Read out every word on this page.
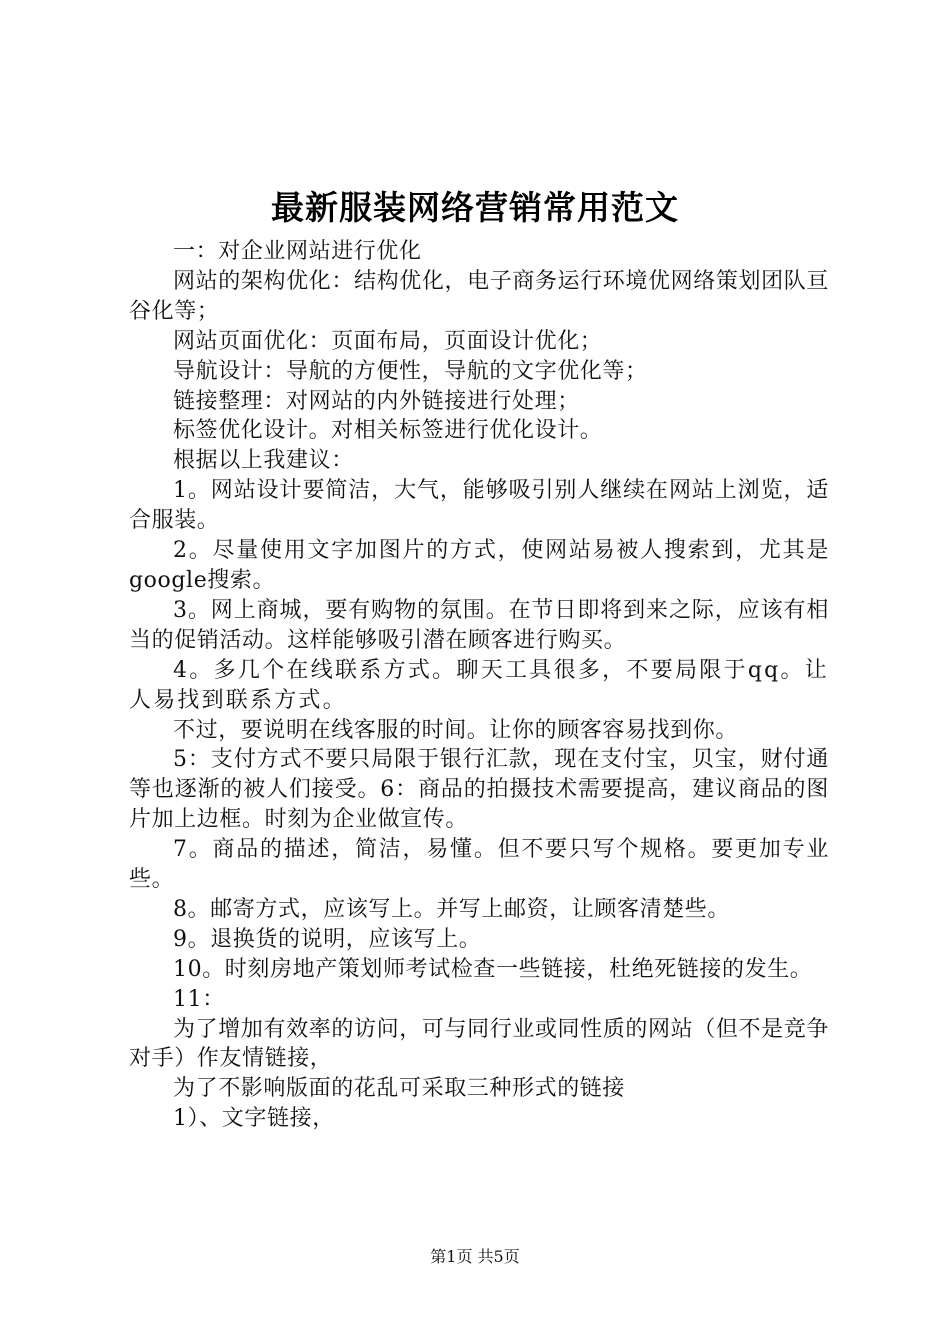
最新服装网络营销常用范文

一：对企业网站进行优化

网站的架构优化：结构优化，电子商务运行环境优网络策划团队亘谷化等；

网站页面优化：页面布局，页面设计优化；

导航设计：导航的方便性，导航的文字优化等；

链接整理：对网站的内外链接进行处理；

标签优化设计。对相关标签进行优化设计。

根据以上我建议：

1。网站设计要简洁，大气，能够吸引别人继续在网站上浏览，适合服装。

2。尽量使用文字加图片的方式，使网站易被人搜索到，尤其是google搜索。

3。网上商城，要有购物的氛围。在节日即将到来之际，应该有相当的促销活动。这样能够吸引潜在顾客进行购买。

4。多几个在线联系方式。聊天工具很多，不要局限于qq。让人易找到联系方式。

不过，要说明在线客服的时间。让你的顾客容易找到你。

5：支付方式不要只局限于银行汇款，现在支付宝，贝宝，财付通等也逐渐的被人们接受。6：商品的拍摄技术需要提高，建议商品的图片加上边框。时刻为企业做宣传。

7。商品的描述，简洁，易懂。但不要只写个规格。要更加专业些。

8。邮寄方式，应该写上。并写上邮资，让顾客清楚些。

9。退换货的说明，应该写上。

10。时刻房地产策划师考试检查一些链接，杜绝死链接的发生。

11：

为了增加有效率的访问，可与同行业或同性质的网站（但不是竞争对手）作友情链接，

为了不影响版面的花乱可采取三种形式的链接

1）、文字链接，

第1页 共5页
